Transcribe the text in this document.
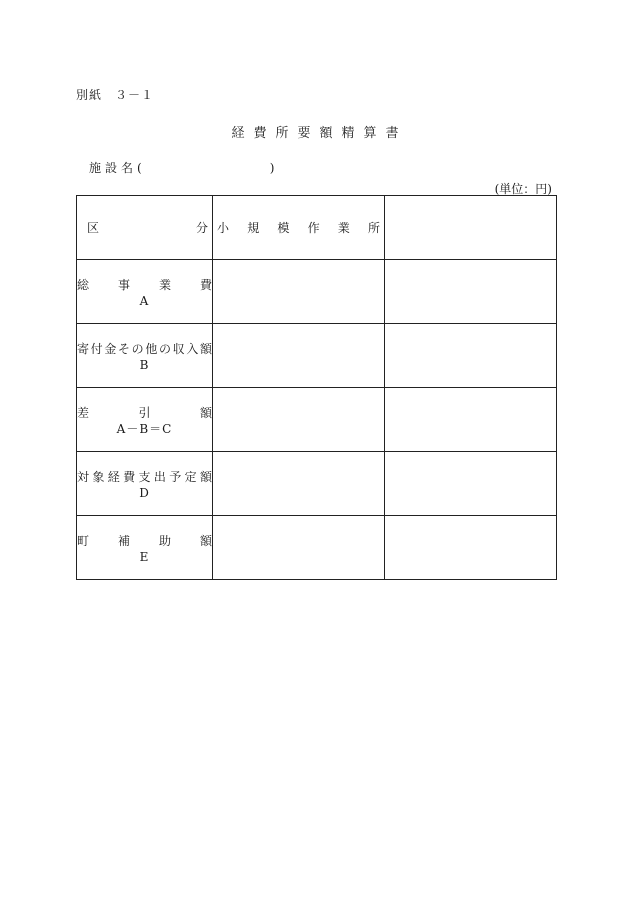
別紙　３－１
経費所要額精算書
施設名(	)
(単位：円)
区 分	小規模作業所	

総事業費
A		

寄付金その他の収入額
B		

差引額
A－B＝C		

対象経費支出予定額
D		

町補助額
E		
